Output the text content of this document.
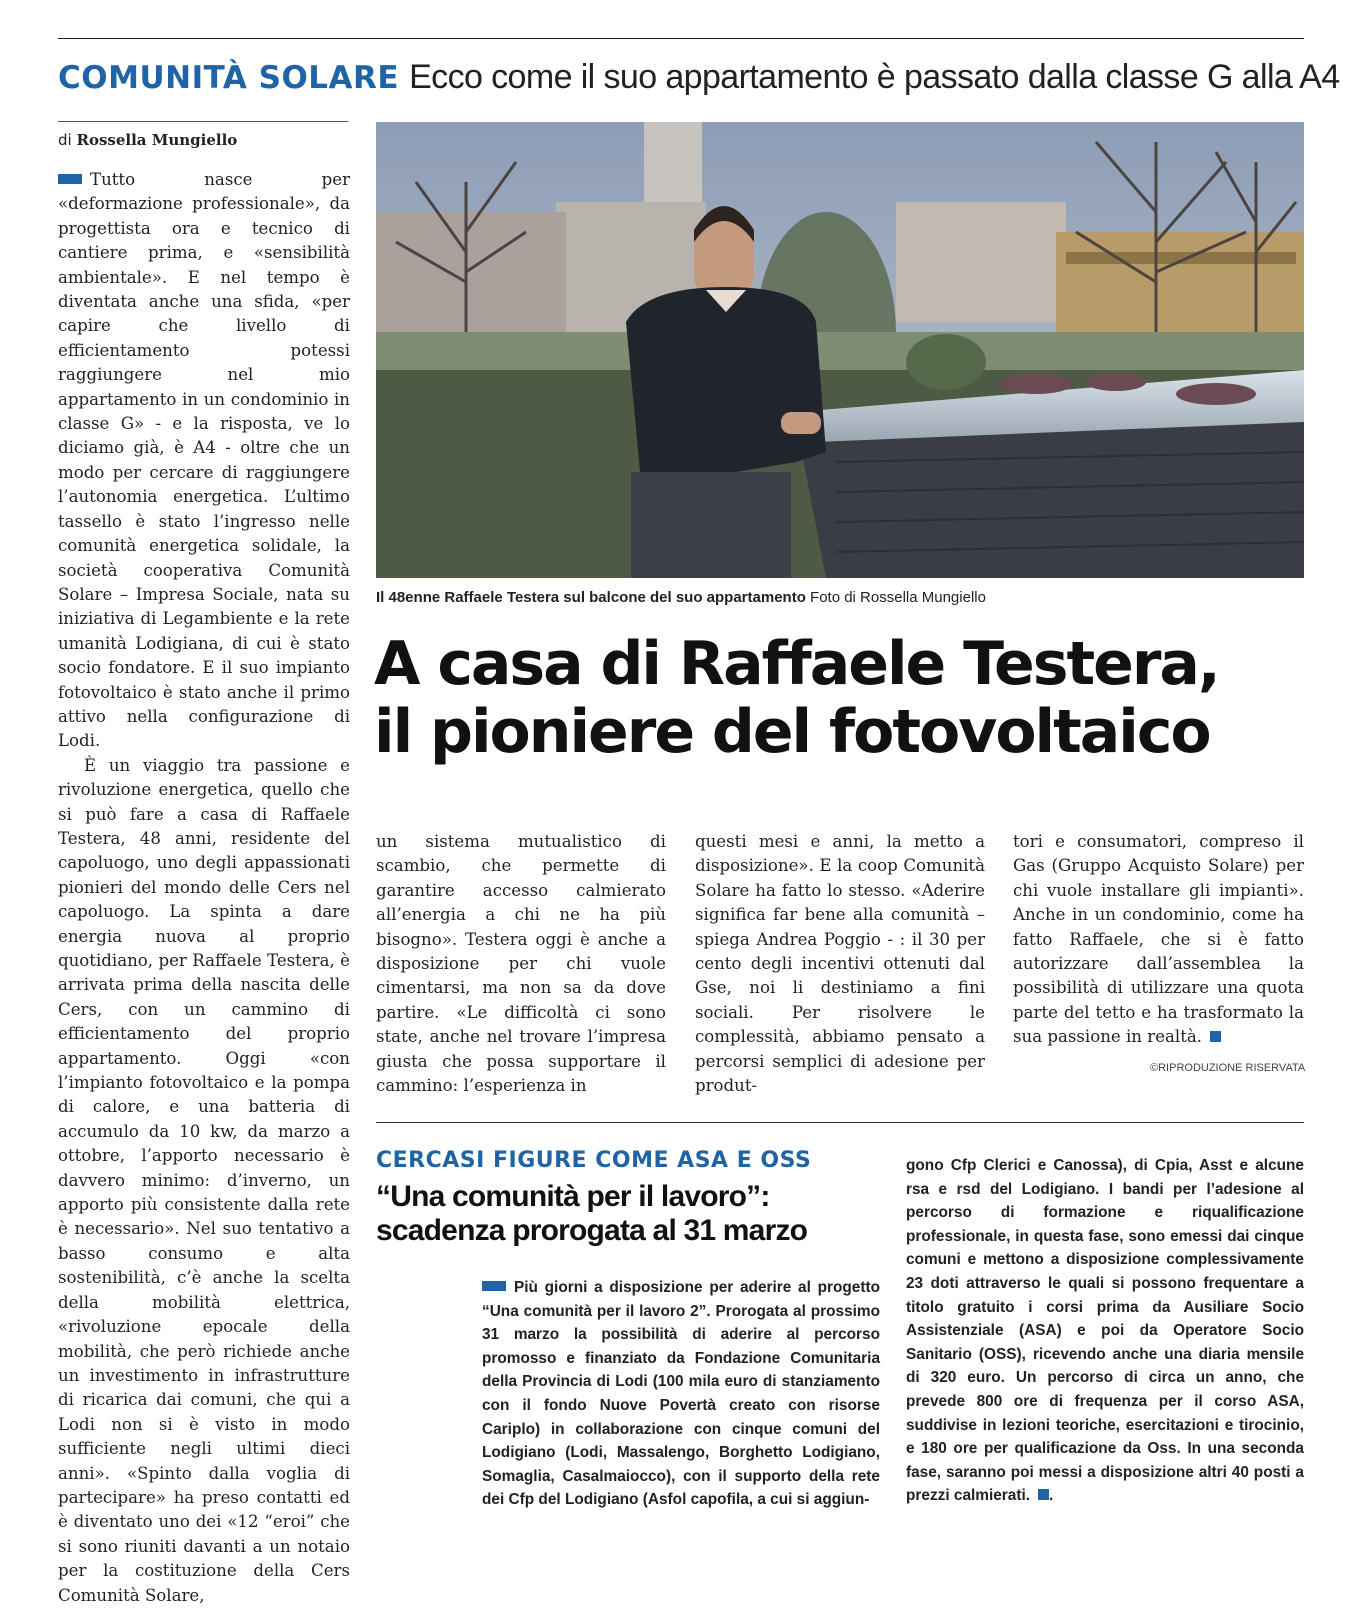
COMUNITÀ SOLARE Ecco come il suo appartamento è passato dalla classe G alla A4
di Rossella Mungiello

Tutto nasce per «deformazione professionale», da progettista ora e tecnico di cantiere prima, e «sensibilità ambientale». E nel tempo è diventata anche una sfida, «per capire che livello di efficientamento potessi raggiungere nel mio appartamento in un condominio in classe G» - e la risposta, ve lo diciamo già, è A4 - oltre che un modo per cercare di raggiungere l’autonomia energetica. L’ultimo tassello è stato l’ingresso nelle comunità energetica solidale, la società cooperativa Comunità Solare – Impresa Sociale, nata su iniziativa di Legambiente e la rete umanità Lodigiana, di cui è stato socio fondatore. E il suo impianto fotovoltaico è stato anche il primo attivo nella configurazione di Lodi.

È un viaggio tra passione e rivoluzione energetica, quello che si può fare a casa di Raffaele Testera, 48 anni, residente del capoluogo, uno degli appassionati pionieri del mondo delle Cers nel capoluogo. La spinta a dare energia nuova al proprio quotidiano, per Raffaele Testera, è arrivata prima della nascita delle Cers, con un cammino di efficientamento del proprio appartamento. Oggi «con l’impianto fotovoltaico e la pompa di calore, e una batteria di accumulo da 10 kw, da marzo a ottobre, l’apporto necessario è davvero minimo: d’inverno, un apporto più consistente dalla rete è necessario». Nel suo tentativo a basso consumo e alta sostenibilità, c’è anche la scelta della mobilità elettrica, «rivoluzione epocale della mobilità, che però richiede anche un investimento in infrastrutture di ricarica dai comuni, che qui a Lodi non si è visto in modo sufficiente negli ultimi dieci anni». «Spinto dalla voglia di partecipare» ha preso contatti ed è diventato uno dei «12 “eroi” che si sono riuniti davanti a un notaio per la costituzione della Cers Comunità Solare,

Il 48enne Raffaele Testera sul balcone del suo appartamento Foto di Rossella Mungiello
A casa di Raffaele Testera,
il pioniere del fotovoltaico

un sistema mutualistico di scambio, che permette di garantire accesso calmierato all’energia a chi ne ha più bisogno». Testera oggi è anche a disposizione per chi vuole cimentarsi, ma non sa da dove partire. «Le difficoltà ci sono state, anche nel trovare l’impresa giusta che possa supportare il cammino: l’esperienza in

questi mesi e anni, la metto a disposizione». E la coop Comunità Solare ha fatto lo stesso. «Aderire significa far bene alla comunità – spiega Andrea Poggio - : il 30 per cento degli incentivi ottenuti dal Gse, noi li destiniamo a fini sociali. Per risolvere le complessità, abbiamo pensato a percorsi semplici di adesione per produt-

tori e consumatori, compreso il Gas (Gruppo Acquisto Solare) per chi vuole installare gli impianti». Anche in un condominio, come ha fatto Raffaele, che si è fatto autorizzare dall’assemblea la possibilità di utilizzare una quota parte del tetto e ha trasformato la sua passione in realtà.

©RIPRODUZIONE RISERVATA
CERCASI FIGURE COME ASA E OSS
“Una comunità per il lavoro”:
scadenza prorogata al 31 marzo

Più giorni a disposizione per aderire al progetto “Una comunità per il lavoro 2”. Prorogata al prossimo 31 marzo la possibilità di aderire al percorso promosso e finanziato da Fondazione Comunitaria della Provincia di Lodi (100 mila euro di stanziamento con il fondo Nuove Povertà creato con risorse Cariplo) in collaborazione con cinque comuni del Lodigiano (Lodi, Massalengo, Borghetto Lodigiano, Somaglia, Casalmaiocco), con il supporto della rete dei Cfp del Lodigiano (Asfol capofila, a cui si aggiun-

gono Cfp Clerici e Canossa), di Cpia, Asst e alcune rsa e rsd del Lodigiano. I bandi per l’adesione al percorso di formazione e riqualificazione professionale, in questa fase, sono emessi dai cinque comuni e mettono a disposizione complessivamente 23 doti attraverso le quali si possono frequentare a titolo gratuito i corsi prima da Ausiliare Socio Assistenziale (ASA) e poi da Operatore Socio Sanitario (OSS), ricevendo anche una diaria mensile di 320 euro. Un percorso di circa un anno, che prevede 800 ore di frequenza per il corso ASA, suddivise in lezioni teoriche, esercitazioni e tirocinio, e 180 ore per qualificazione da Oss. In una seconda fase, saranno poi messi a disposizione altri 40 posti a prezzi calmierati. .
